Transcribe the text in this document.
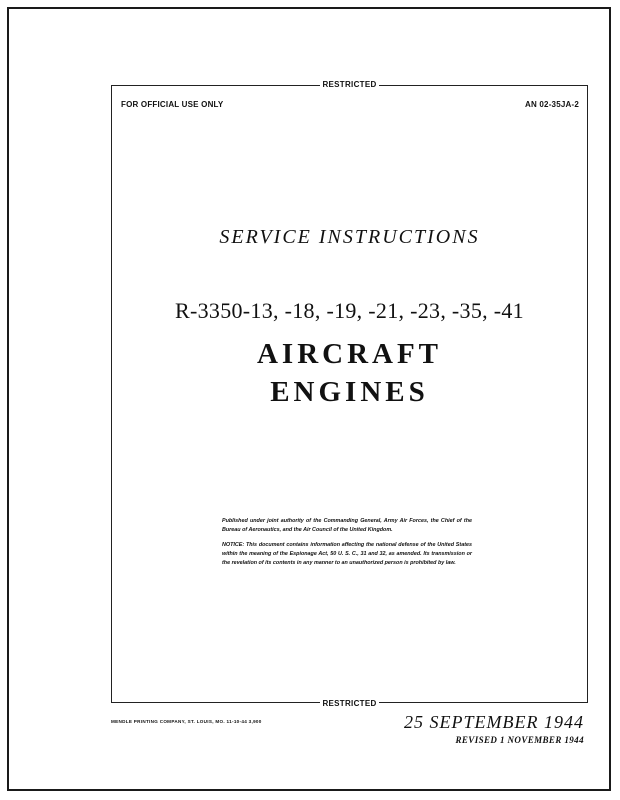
RESTRICTED
FOR OFFICIAL USE ONLY	AN 02-35JA-2
SERVICE INSTRUCTIONS
R-3350-13, -18, -19, -21, -23, -35, -41
AIRCRAFT
ENGINES

Published under joint authority of the Commanding General, Army Air Forces, the Chief of the Bureau of Aeronautics, and the Air Council of the United Kingdom.

NOTICE: This document contains information affecting the national defense of the United States within the meaning of the Espionage Act, 50 U. S. C., 31 and 32, as amended. Its transmission or the revelation of its contents in any manner to an unauthorized person is prohibited by law.

RESTRICTED
MENDLE PRINTING COMPANY, ST. LOUIS, MO. 11-10-44 3,900	25 SEPTEMBER 1944
REVISED 1 NOVEMBER 1944
